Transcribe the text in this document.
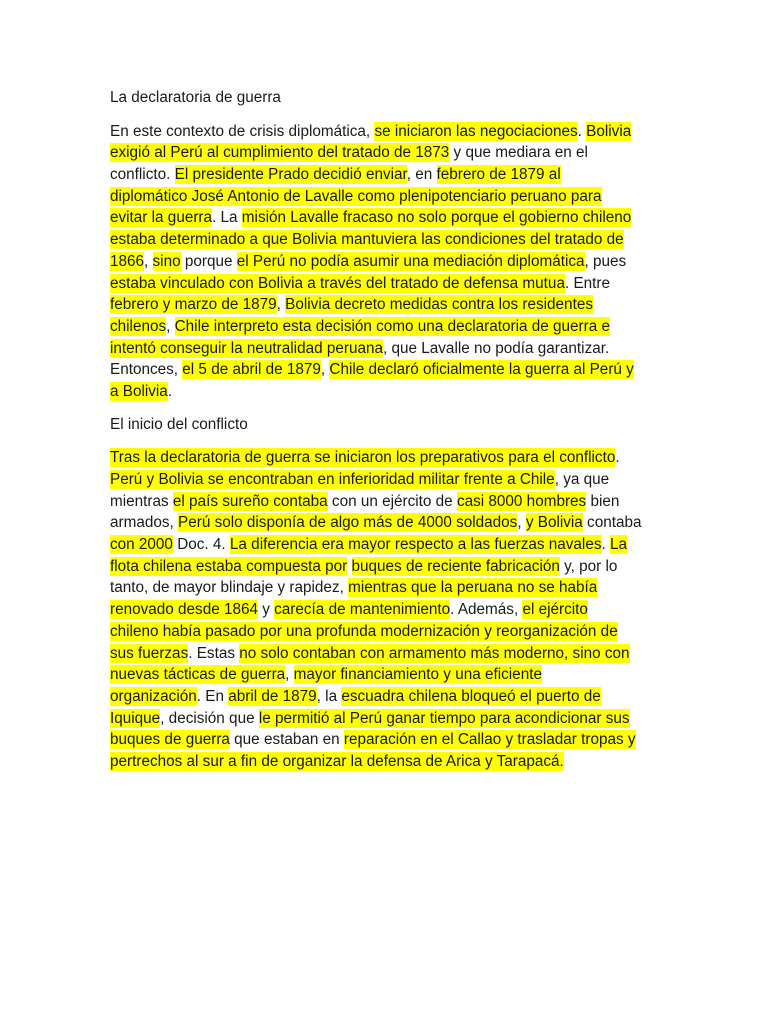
La declaratoria de guerra
En este contexto de crisis diplomática, se iniciaron las negociaciones. Bolivia
exigió al Perú al cumplimiento del tratado de 1873 y que mediara en el
conflicto. El presidente Prado decidió enviar, en febrero de 1879 al
diplomático José Antonio de Lavalle como plenipotenciario peruano para
evitar la guerra. La misión Lavalle fracaso no solo porque el gobierno chileno
estaba determinado a que Bolivia mantuviera las condiciones del tratado de
1866, sino porque el Perú no podía asumir una mediación diplomática, pues
estaba vinculado con Bolivia a través del tratado de defensa mutua. Entre
febrero y marzo de 1879, Bolivia decreto medidas contra los residentes
chilenos, Chile interpreto esta decisión como una declaratoria de guerra e
intentó conseguir la neutralidad peruana, que Lavalle no podía garantizar.
Entonces, el 5 de abril de 1879, Chile declaró oficialmente la guerra al Perú y
a Bolivia.
El inicio del conflicto
Tras la declaratoria de guerra se iniciaron los preparativos para el conflicto.
Perú y Bolivia se encontraban en inferioridad militar frente a Chile, ya que
mientras el país sureño contaba con un ejército de casi 8000 hombres bien
armados, Perú solo disponía de algo más de 4000 soldados, y Bolivia contaba
con 2000 Doc. 4. La diferencia era mayor respecto a las fuerzas navales. La
flota chilena estaba compuesta por buques de reciente fabricación y, por lo
tanto, de mayor blindaje y rapidez, mientras que la peruana no se había
renovado desde 1864 y carecía de mantenimiento. Además, el ejército
chileno había pasado por una profunda modernización y reorganización de
sus fuerzas. Estas no solo contaban con armamento más moderno, sino con
nuevas tácticas de guerra, mayor financiamiento y una eficiente
organización. En abril de 1879, la escuadra chilena bloqueó el puerto de
Iquique, decisión que le permitió al Perú ganar tiempo para acondicionar sus
buques de guerra que estaban en reparación en el Callao y trasladar tropas y
pertrechos al sur a fin de organizar la defensa de Arica y Tarapacá.
